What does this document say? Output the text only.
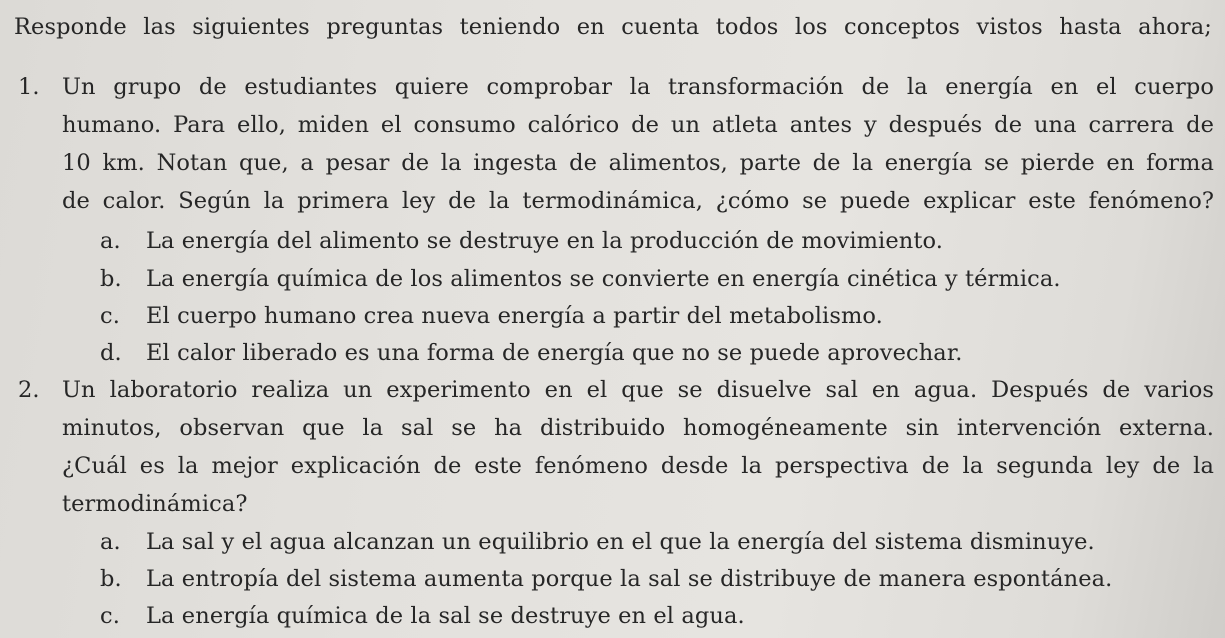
Responde las siguientes preguntas teniendo en cuenta todos los conceptos vistos hasta ahora;
1. Un grupo de estudiantes quiere comprobar la transformación de la energía en el cuerpo
humano. Para ello, miden el consumo calórico de un atleta antes y después de una carrera de
10 km. Notan que, a pesar de la ingesta de alimentos, parte de la energía se pierde en forma
de calor. Según la primera ley de la termodinámica, ¿cómo se puede explicar este fenómeno?
a. La energía del alimento se destruye en la producción de movimiento.
b. La energía química de los alimentos se convierte en energía cinética y térmica.
c. El cuerpo humano crea nueva energía a partir del metabolismo.
d. El calor liberado es una forma de energía que no se puede aprovechar.
2. Un laboratorio realiza un experimento en el que se disuelve sal en agua. Después de varios
minutos, observan que la sal se ha distribuido homogéneamente sin intervención externa.
¿Cuál es la mejor explicación de este fenómeno desde la perspectiva de la segunda ley de la
termodinámica?
a. La sal y el agua alcanzan un equilibrio en el que la energía del sistema disminuye.
b. La entropía del sistema aumenta porque la sal se distribuye de manera espontánea.
c. La energía química de la sal se destruye en el agua.
